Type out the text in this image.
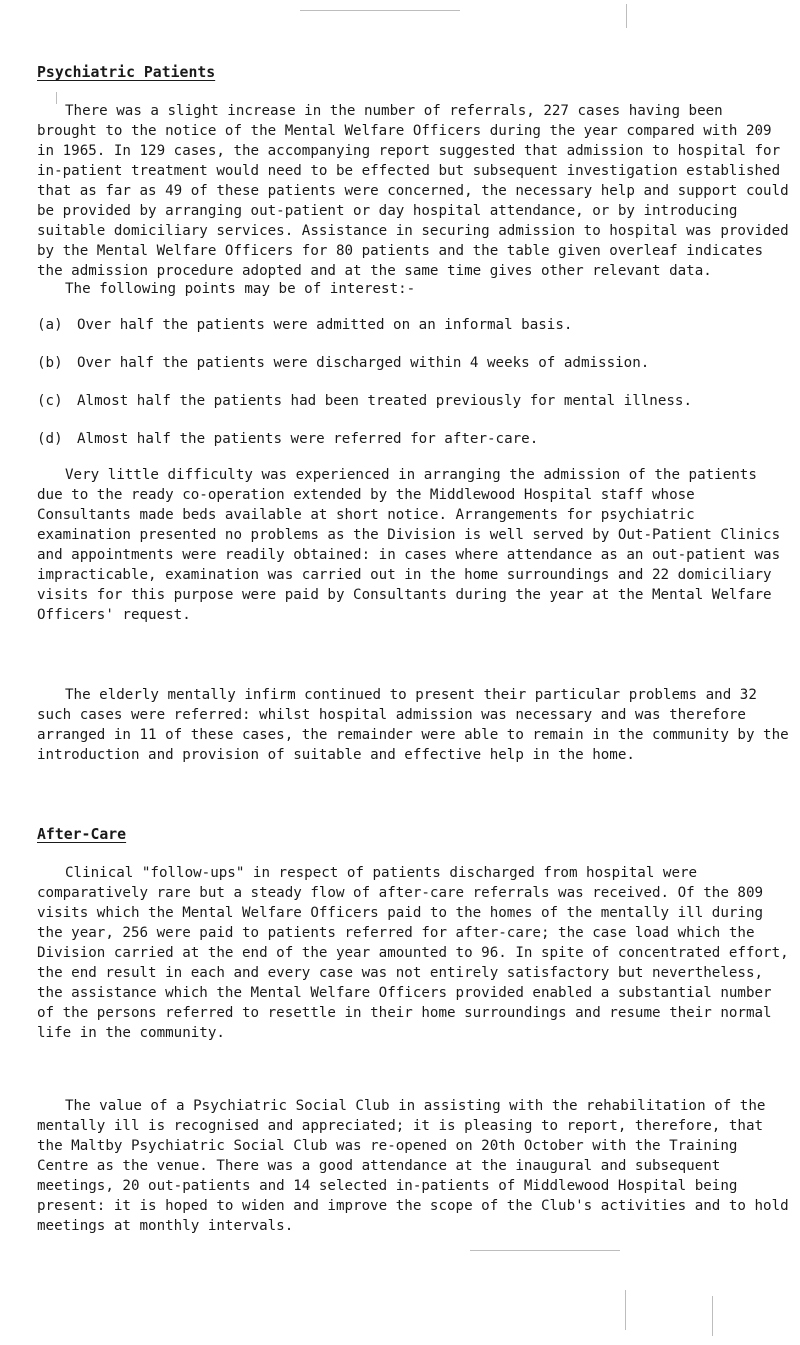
Psychiatric Patients

There was a slight increase in the number of referrals, 227 cases having been brought to the notice of the Mental Welfare Officers during the year compared with 209 in 1965. In 129 cases, the accompanying report suggested that admission to hospital for in-patient treatment would need to be effected but subsequent investigation established that as far as 49 of these patients were concerned, the necessary help and support could be provided by arranging out-patient or day hospital attendance, or by introducing suitable domiciliary services. Assistance in securing admission to hospital was provided by the Mental Welfare Officers for 80 patients and the table given overleaf indicates the admission procedure adopted and at the same time gives other relevant data.

The following points may be of interest:-

(a) Over half the patients were admitted on an informal basis.
(b) Over half the patients were discharged within 4 weeks of admission.
(c) Almost half the patients had been treated previously for mental illness.
(d) Almost half the patients were referred for after-care.

Very little difficulty was experienced in arranging the admission of the patients due to the ready co-operation extended by the Middlewood Hospital staff whose Consultants made beds available at short notice. Arrangements for psychiatric examination presented no problems as the Division is well served by Out-Patient Clinics and appointments were readily obtained: in cases where attendance as an out-patient was impracticable, examination was carried out in the home surroundings and 22 domiciliary visits for this purpose were paid by Consultants during the year at the Mental Welfare Officers' request.

The elderly mentally infirm continued to present their particular problems and 32 such cases were referred: whilst hospital admission was necessary and was therefore arranged in 11 of these cases, the remainder were able to remain in the community by the introduction and provision of suitable and effective help in the home.

After-Care

Clinical "follow-ups" in respect of patients discharged from hospital were comparatively rare but a steady flow of after-care referrals was received. Of the 809 visits which the Mental Welfare Officers paid to the homes of the mentally ill during the year, 256 were paid to patients referred for after-care; the case load which the Division carried at the end of the year amounted to 96. In spite of concentrated effort, the end result in each and every case was not entirely satisfactory but nevertheless, the assistance which the Mental Welfare Officers provided enabled a substantial number of the persons referred to resettle in their home surroundings and resume their normal life in the community.

The value of a Psychiatric Social Club in assisting with the rehabilitation of the mentally ill is recognised and appreciated; it is pleasing to report, therefore, that the Maltby Psychiatric Social Club was re-opened on 20th October with the Training Centre as the venue. There was a good attendance at the inaugural and subsequent meetings, 20 out-patients and 14 selected in-patients of Middlewood Hospital being present: it is hoped to widen and improve the scope of the Club's activities and to hold meetings at monthly intervals.
